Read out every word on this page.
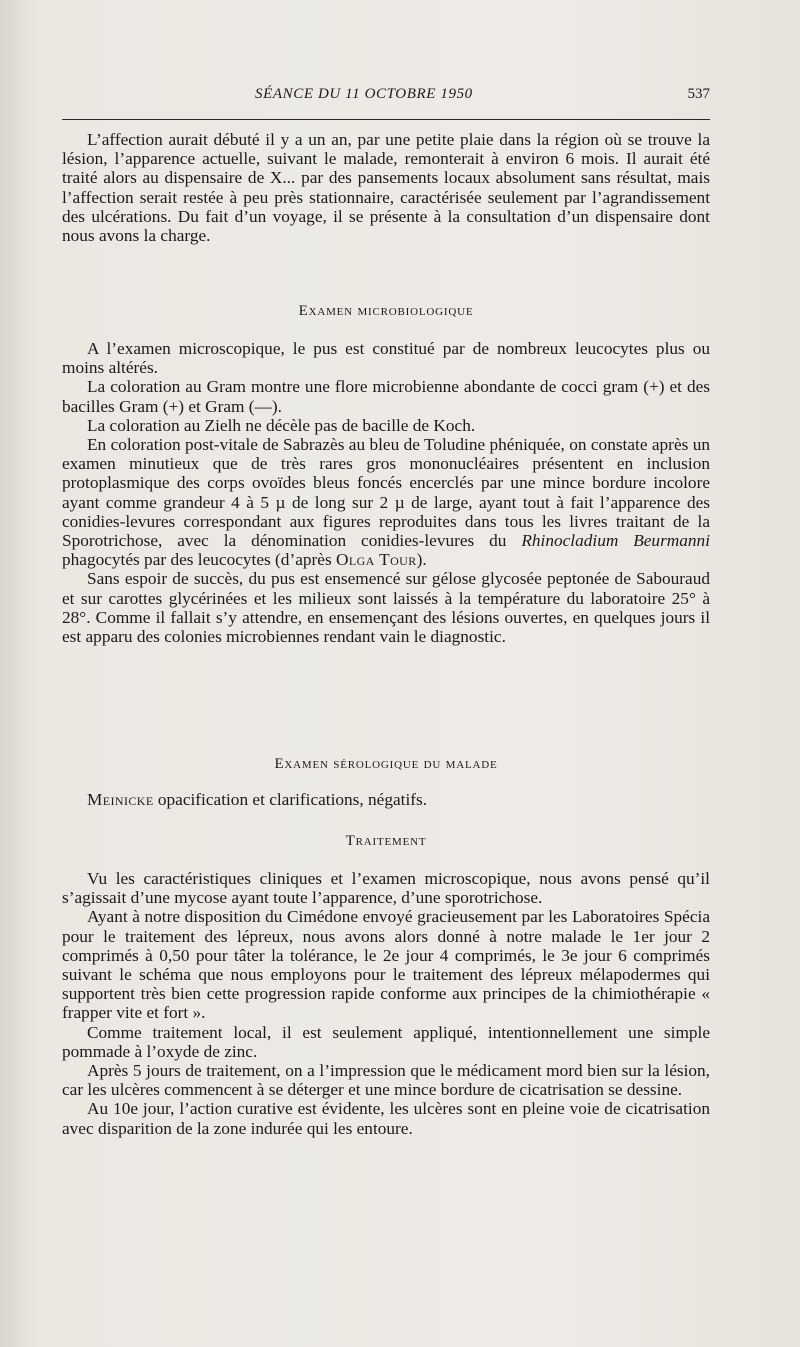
SÉANCE DU 11 OCTOBRE 1950	537

L’affection aurait débuté il y a un an, par une petite plaie dans la région où se trouve la lésion, l’apparence actuelle, suivant le malade, remonterait à environ 6 mois. Il aurait été traité alors au dispensaire de X... par des pansements locaux absolument sans résultat, mais l’affection serait restée à peu près stationnaire, caractérisée seulement par l’agrandissement des ulcérations. Du fait d’un voyage, il se présente à la consultation d’un dispensaire dont nous avons la charge.

Examen microbiologique

A l’examen microscopique, le pus est constitué par de nombreux leucocytes plus ou moins altérés.

La coloration au Gram montre une flore microbienne abondante de cocci gram (+) et des bacilles Gram (+) et Gram (—).

La coloration au Zielh ne décèle pas de bacille de Koch.

En coloration post-vitale de Sabrazès au bleu de Toludine phéniquée, on constate après un examen minutieux que de très rares gros mononucléaires présentent en inclusion protoplasmique des corps ovoïdes bleus foncés encerclés par une mince bordure incolore ayant comme grandeur 4 à 5 µ de long sur 2 µ de large, ayant tout à fait l’apparence des conidies-levures correspondant aux figures reproduites dans tous les livres traitant de la Sporotrichose, avec la dénomination conidies-levures du Rhinocladium Beurmanni phagocytés par des leucocytes (d’après Olga Tour).

Sans espoir de succès, du pus est ensemencé sur gélose glycosée peptonée de Sabouraud et sur carottes glycérinées et les milieux sont laissés à la température du laboratoire 25° à 28°. Comme il fallait s’y attendre, en ensemençant des lésions ouvertes, en quelques jours il est apparu des colonies microbiennes rendant vain le diagnostic.

Examen sérologique du malade

Meinicke opacification et clarifications, négatifs.

Traitement

Vu les caractéristiques cliniques et l’examen microscopique, nous avons pensé qu’il s’agissait d’une mycose ayant toute l’apparence, d’une sporotrichose.

Ayant à notre disposition du Cimédone envoyé gracieusement par les Laboratoires Spécia pour le traitement des lépreux, nous avons alors donné à notre malade le 1er jour 2 comprimés à 0,50 pour tâter la tolérance, le 2e jour 4 comprimés, le 3e jour 6 comprimés suivant le schéma que nous employons pour le traitement des lépreux mélapodermes qui supportent très bien cette progression rapide conforme aux principes de la chimiothérapie « frapper vite et fort ».

Comme traitement local, il est seulement appliqué, intentionnellement une simple pommade à l’oxyde de zinc.

Après 5 jours de traitement, on a l’impression que le médicament mord bien sur la lésion, car les ulcères commencent à se déterger et une mince bordure de cicatrisation se dessine.

Au 10e jour, l’action curative est évidente, les ulcères sont en pleine voie de cicatrisation avec disparition de la zone indurée qui les entoure.
